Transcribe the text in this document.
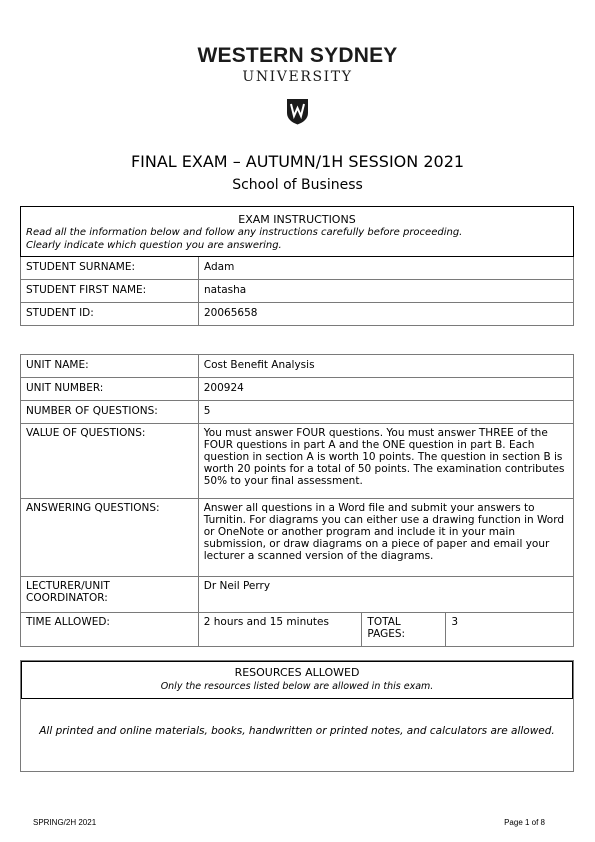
WESTERN SYDNEY
UNIVERSITY
FINAL EXAM – AUTUMN/1H SESSION 2021
School of Business
EXAM INSTRUCTIONS
Read all the information below and follow any instructions carefully before proceeding.
Clearly indicate which question you are answering.	

STUDENT SURNAME:	Adam
STUDENT FIRST NAME:	natasha
STUDENT ID:	20065658
UNIT NAME:	Cost Benefit Analysis		
UNIT NUMBER:	200924		
NUMBER OF QUESTIONS:	5		
VALUE OF QUESTIONS:	You must answer FOUR questions. You must answer THREE of the FOUR questions in part A and the ONE question in part B. Each question in section A is worth 10 points. The question in section B is worth 20 points for a total of 50 points. The examination contributes 50% to your final assessment.		
ANSWERING QUESTIONS:	Answer all questions in a Word file and submit your answers to Turnitin. For diagrams you can either use a drawing function in Word or OneNote or another program and include it in your main submission, or draw diagrams on a piece of paper and email your lecturer a scanned version of the diagrams.		
LECTURER/UNIT COORDINATOR:	Dr Neil Perry		
TIME ALLOWED:	2 hours and 15 minutes	TOTAL PAGES:	3
RESOURCES ALLOWED
Only the resources listed below are allowed in this exam.
All printed and online materials, books, handwritten or printed notes, and calculators are allowed.
SPRING/2H 2021	Page 1 of 8
